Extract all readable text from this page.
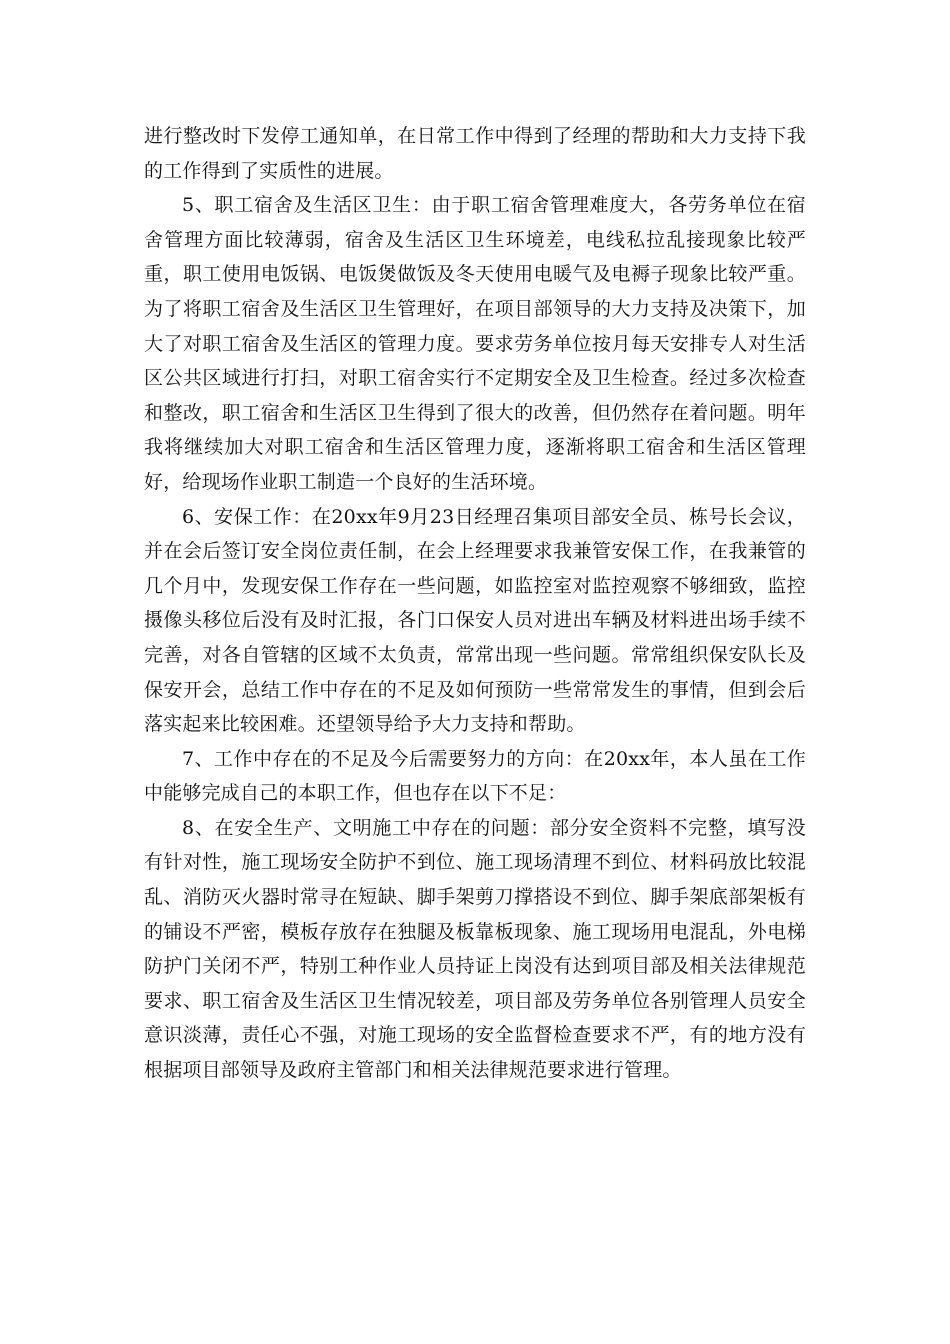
进行整改时下发停工通知单，在日常工作中得到了经理的帮助和大力支持下我的工作得到了实质性的进展。

5、职工宿舍及生活区卫生：由于职工宿舍管理难度大，各劳务单位在宿舍管理方面比较薄弱，宿舍及生活区卫生环境差，电线私拉乱接现象比较严重，职工使用电饭锅、电饭煲做饭及冬天使用电暖气及电褥子现象比较严重。为了将职工宿舍及生活区卫生管理好，在项目部领导的大力支持及决策下，加大了对职工宿舍及生活区的管理力度。要求劳务单位按月每天安排专人对生活区公共区域进行打扫，对职工宿舍实行不定期安全及卫生检查。经过多次检查和整改，职工宿舍和生活区卫生得到了很大的改善，但仍然存在着问题。明年我将继续加大对职工宿舍和生活区管理力度，逐渐将职工宿舍和生活区管理好，给现场作业职工制造一个良好的生活环境。

6、安保工作：在20xx年9月23日经理召集项目部安全员、栋号长会议，并在会后签订安全岗位责任制，在会上经理要求我兼管安保工作，在我兼管的几个月中，发现安保工作存在一些问题，如监控室对监控观察不够细致，监控摄像头移位后没有及时汇报，各门口保安人员对进出车辆及材料进出场手续不完善，对各自管辖的区域不太负责，常常出现一些问题。常常组织保安队长及保安开会，总结工作中存在的不足及如何预防一些常常发生的事情，但到会后落实起来比较困难。还望领导给予大力支持和帮助。

7、工作中存在的不足及今后需要努力的方向：在20xx年，本人虽在工作中能够完成自己的本职工作，但也存在以下不足：

8、在安全生产、文明施工中存在的问题：部分安全资料不完整，填写没有针对性，施工现场安全防护不到位、施工现场清理不到位、材料码放比较混乱、消防灭火器时常寻在短缺、脚手架剪刀撑搭设不到位、脚手架底部架板有的铺设不严密，模板存放存在独腿及板靠板现象、施工现场用电混乱，外电梯防护门关闭不严，特别工种作业人员持证上岗没有达到项目部及相关法律规范要求、职工宿舍及生活区卫生情况较差，项目部及劳务单位各别管理人员安全意识淡薄，责任心不强，对施工现场的安全监督检查要求不严，有的地方没有根据项目部领导及政府主管部门和相关法律规范要求进行管理。
